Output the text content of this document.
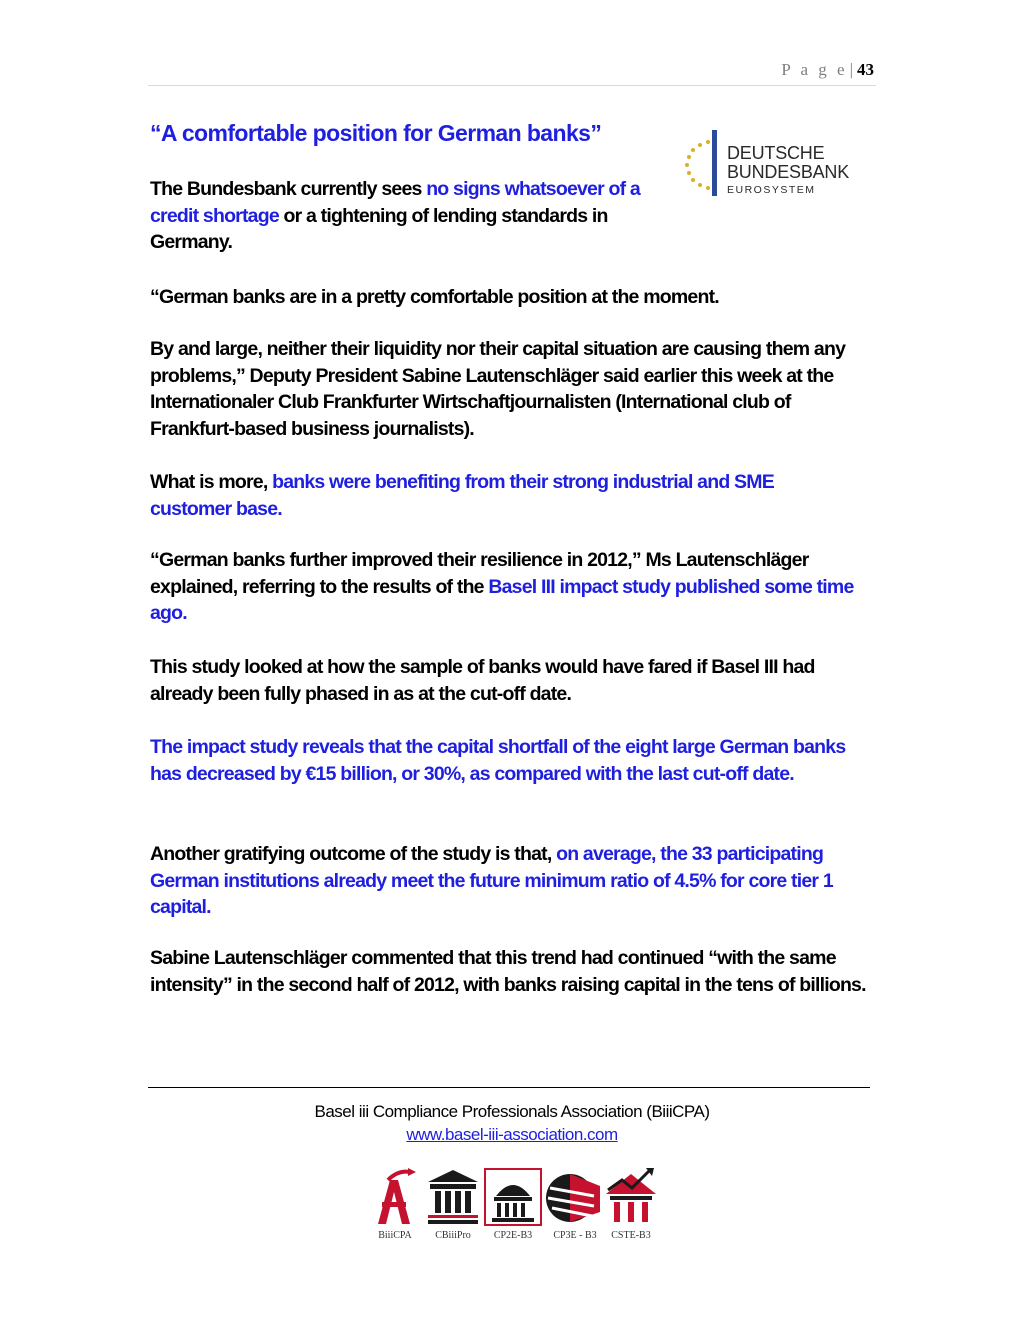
P a g e | 43
“A comfortable position for German banks”
DEUTSCHE
BUNDESBANK
EUROSYSTEM
The Bundesbank currently sees no signs whatsoever of a credit shortage or a tightening of lending standards in Germany.
“German banks are in a pretty comfortable position at the moment.
By and large, neither their liquidity nor their capital situation are causing them any problems,” Deputy President Sabine Lautenschläger said earlier this week at the Internationaler Club Frankfurter Wirtschaftjournalisten (International club of Frankfurt-based business journalists).
What is more, banks were benefiting from their strong industrial and SME customer base.
“German banks further improved their resilience in 2012,” Ms Lautenschläger explained, referring to the results of the Basel III impact study published some time ago.
This study looked at how the sample of banks would have fared if Basel III had already been fully phased in as at the cut-off date.
The impact study reveals that the capital shortfall of the eight large German banks has decreased by €15 billion, or 30%, as compared with the last cut-off date.
Another gratifying outcome of the study is that, on average, the 33 participating German institutions already meet the future minimum ratio of 4.5% for core tier 1 capital.
Sabine Lautenschläger commented that this trend had continued “with the same intensity” in the second half of 2012, with banks raising capital in the tens of billions.
Basel iii Compliance Professionals Association (BiiiCPA)
www.basel-iii-association.com
BiiiCPA	CBiiiPro	CP2E-B3	CP3E - B3	CSTE-B3
